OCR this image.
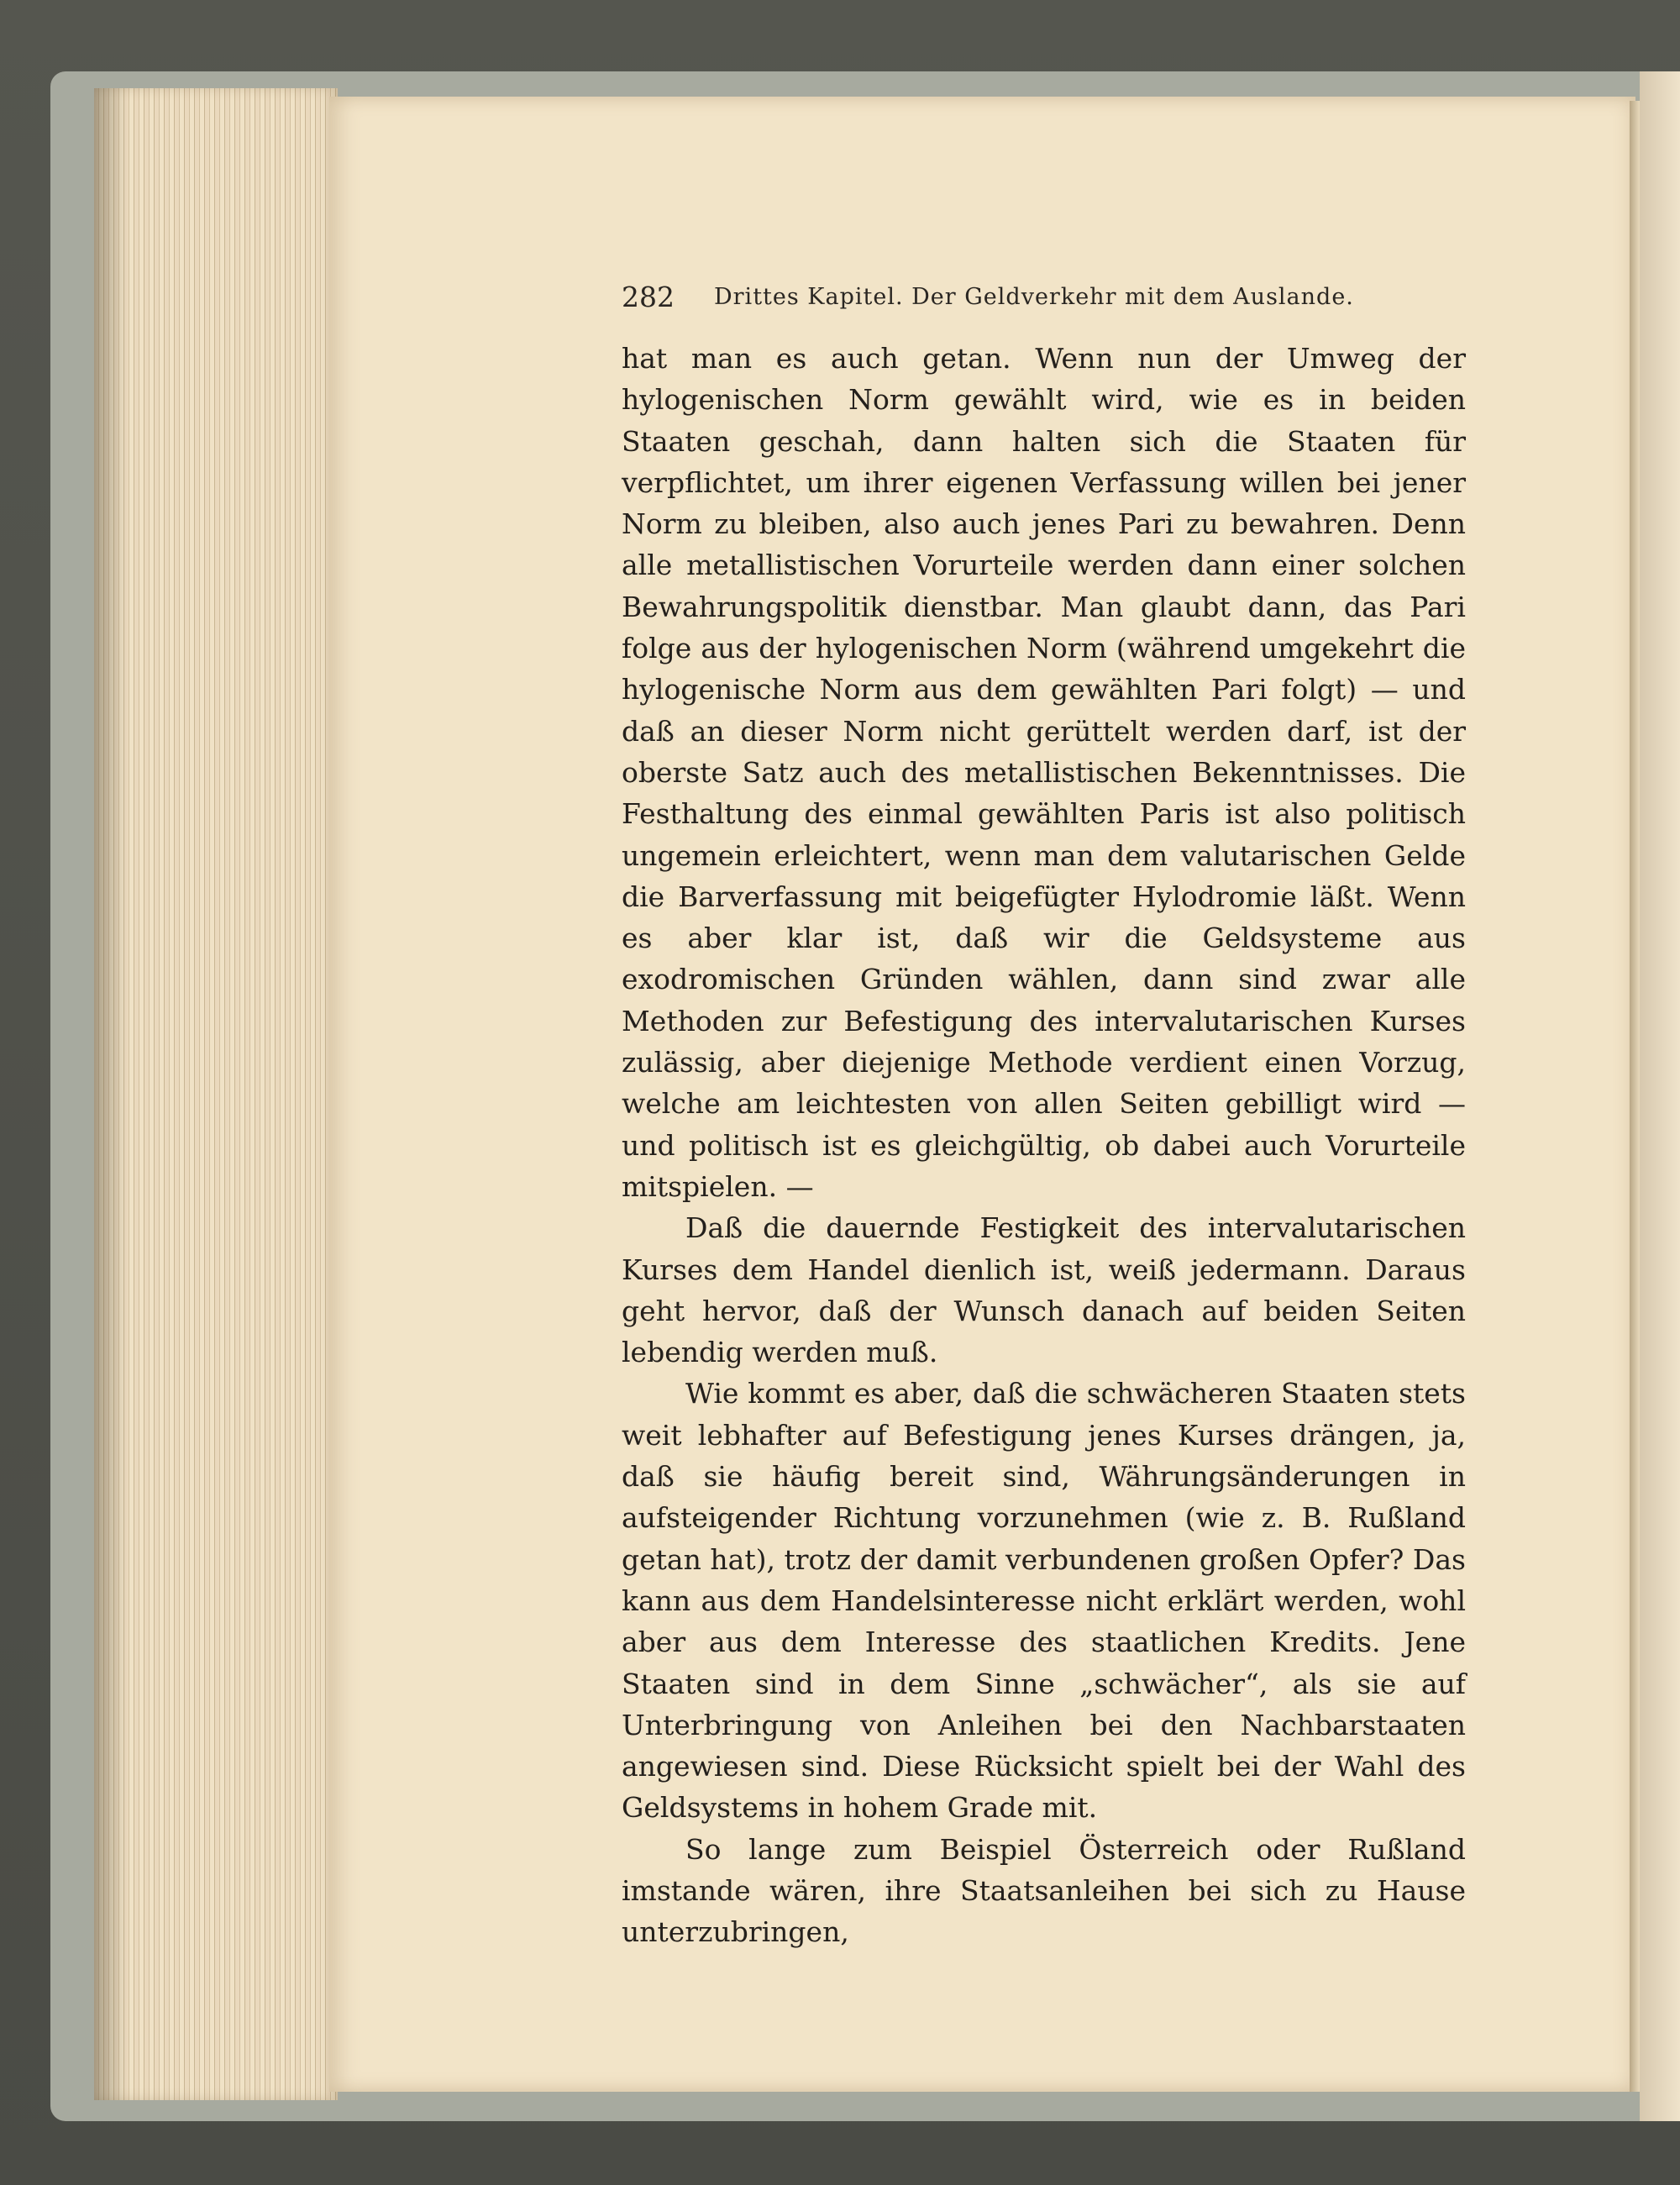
282 Drittes Kapitel. Der Geldverkehr mit dem Auslande.

hat man es auch getan. Wenn nun der Umweg der hylogenischen Norm gewählt wird, wie es in beiden Staaten geschah, dann halten sich die Staaten für verpflichtet, um ihrer eigenen Verfassung willen bei jener Norm zu bleiben, also auch jenes Pari zu bewahren. Denn alle metallistischen Vorurteile werden dann einer solchen Bewahrungspolitik dienstbar. Man glaubt dann, das Pari folge aus der hylogenischen Norm (während umgekehrt die hylogenische Norm aus dem gewählten Pari folgt) — und daß an dieser Norm nicht gerüttelt werden darf, ist der oberste Satz auch des metallistischen Bekenntnisses. Die Festhaltung des einmal gewählten Paris ist also politisch ungemein erleichtert, wenn man dem valutarischen Gelde die Barverfassung mit beigefügter Hylodromie läßt. Wenn es aber klar ist, daß wir die Geldsysteme aus exodromischen Gründen wählen, dann sind zwar alle Methoden zur Befestigung des intervalutarischen Kurses zulässig, aber diejenige Methode verdient einen Vorzug, welche am leichtesten von allen Seiten gebilligt wird — und politisch ist es gleichgültig, ob dabei auch Vorurteile mitspielen. —

Daß die dauernde Festigkeit des intervalutarischen Kurses dem Handel dienlich ist, weiß jedermann. Daraus geht hervor, daß der Wunsch danach auf beiden Seiten lebendig werden muß.

Wie kommt es aber, daß die schwächeren Staaten stets weit lebhafter auf Befestigung jenes Kurses drängen, ja, daß sie häufig bereit sind, Währungsänderungen in aufsteigender Richtung vorzunehmen (wie z. B. Rußland getan hat), trotz der damit verbundenen großen Opfer? Das kann aus dem Handelsinteresse nicht erklärt werden, wohl aber aus dem Interesse des staatlichen Kredits. Jene Staaten sind in dem Sinne „schwächer“, als sie auf Unterbringung von Anleihen bei den Nachbarstaaten angewiesen sind. Diese Rücksicht spielt bei der Wahl des Geldsystems in hohem Grade mit.

So lange zum Beispiel Österreich oder Rußland imstande wären, ihre Staatsanleihen bei sich zu Hause unterzubringen,
